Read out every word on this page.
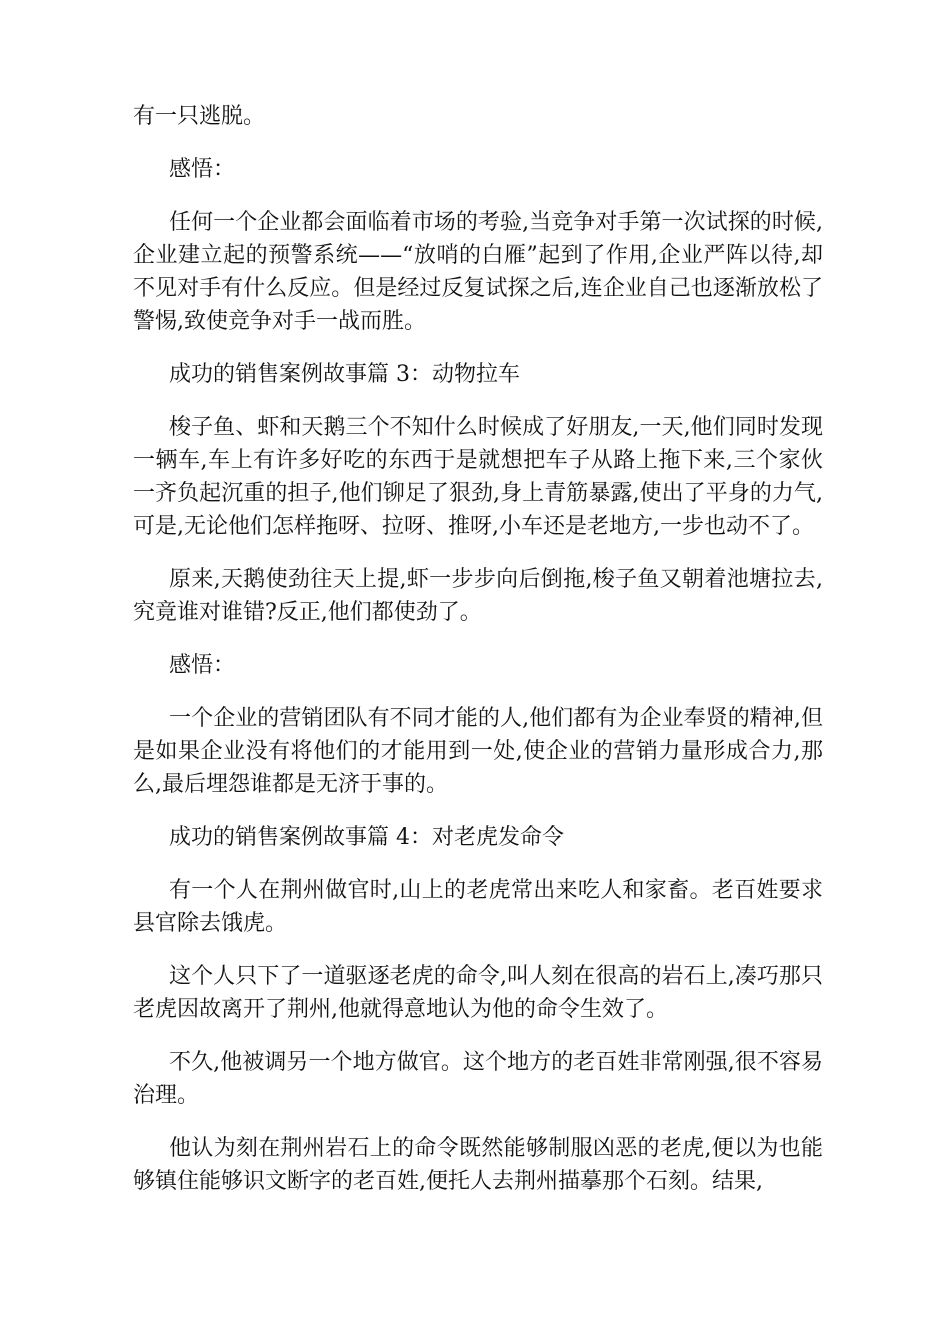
有一只逃脱。

感悟：

任何一个企业都会面临着市场的考验,当竞争对手第一次试探的时候,企业建立起的预警系统——“放哨的白雁”起到了作用,企业严阵以待,却不见对手有什么反应。但是经过反复试探之后,连企业自己也逐渐放松了警惕,致使竞争对手一战而胜。

成功的销售案例故事篇 3：动物拉车

梭子鱼、虾和天鹅三个不知什么时候成了好朋友,一天,他们同时发现一辆车,车上有许多好吃的东西于是就想把车子从路上拖下来,三个家伙一齐负起沉重的担子,他们铆足了狠劲,身上青筋暴露,使出了平身的力气,可是,无论他们怎样拖呀、拉呀、推呀,小车还是老地方,一步也动不了。

原来,天鹅使劲往天上提,虾一步步向后倒拖,梭子鱼又朝着池塘拉去,究竟谁对谁错?反正,他们都使劲了。

感悟：

一个企业的营销团队有不同才能的人,他们都有为企业奉贤的精神,但是如果企业没有将他们的才能用到一处,使企业的营销力量形成合力,那么,最后埋怨谁都是无济于事的。

成功的销售案例故事篇 4：对老虎发命令

有一个人在荆州做官时,山上的老虎常出来吃人和家畜。老百姓要求县官除去饿虎。

这个人只下了一道驱逐老虎的命令,叫人刻在很高的岩石上,凑巧那只老虎因故离开了荆州,他就得意地认为他的命令生效了。

不久,他被调另一个地方做官。这个地方的老百姓非常刚强,很不容易治理。

他认为刻在荆州岩石上的命令既然能够制服凶恶的老虎,便以为也能够镇住能够识文断字的老百姓,便托人去荆州描摹那个石刻。结果,
